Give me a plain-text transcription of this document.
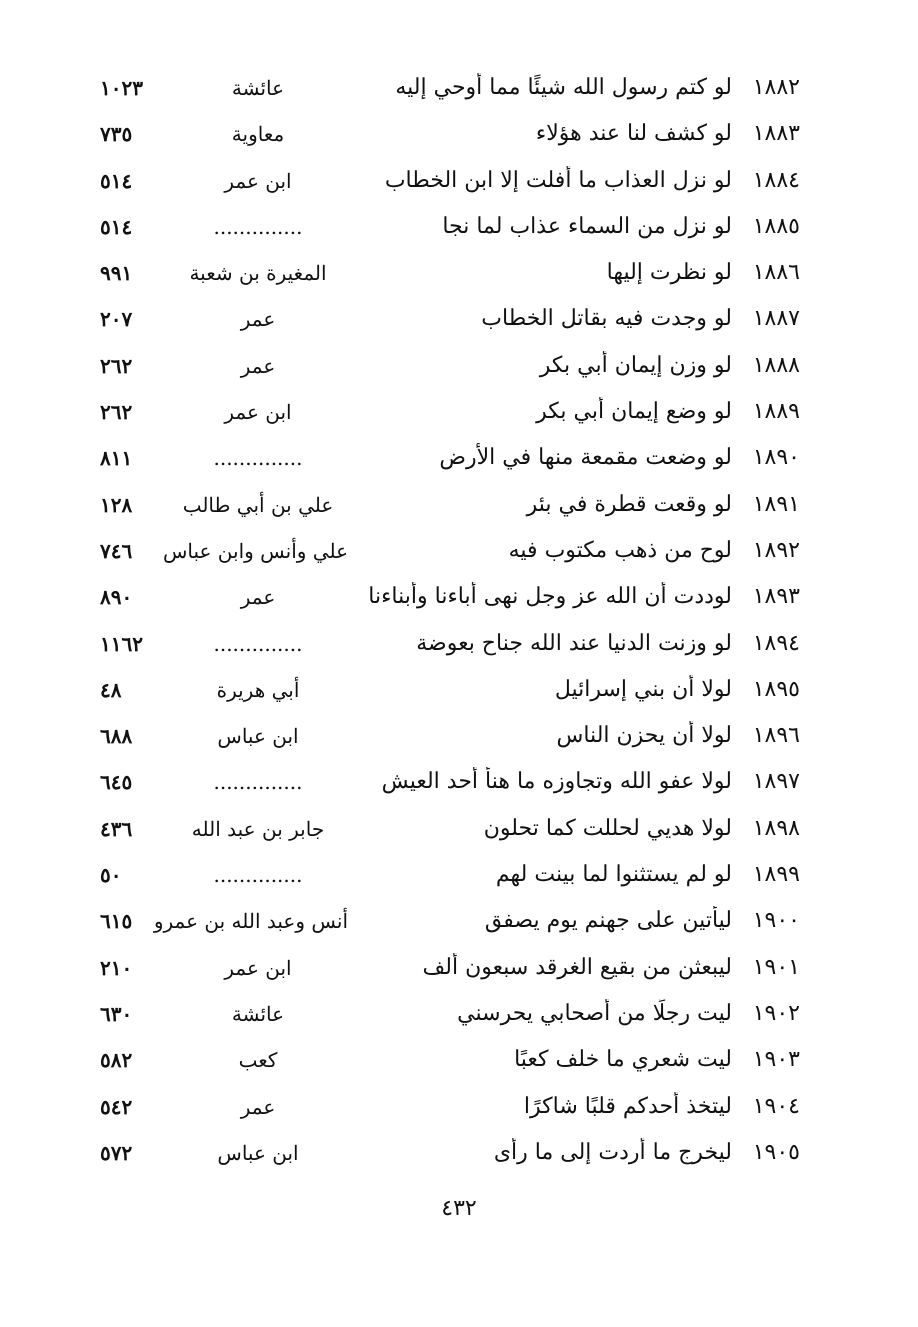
١٨٨٢
لو كتم رسول الله شيئًا مما أوحي إليه
عائشة
١٠٢٣
١٨٨٣
لو كشف لنا عند هؤلاء
معاوية
٧٣٥
١٨٨٤
لو نزل العذاب ما أفلت إلا ابن الخطاب
ابن عمر
٥١٤
١٨٨٥
لو نزل من السماء عذاب لما نجا
..............
٥١٤
١٨٨٦
لو نظرت إليها
المغيرة بن شعبة
٩٩١
١٨٨٧
لو وجدت فيه بقاتل الخطاب
عمر
٢٠٧
١٨٨٨
لو وزن إيمان أبي بكر
عمر
٢٦٢
١٨٨٩
لو وضع إيمان أبي بكر
ابن عمر
٢٦٢
١٨٩٠
لو وضعت مقمعة منها في الأرض
..............
٨١١
١٨٩١
لو وقعت قطرة في بئر
علي بن أبي طالب
١٢٨
١٨٩٢
لوح من ذهب مكتوب فيه
علي وأنس وابن عباس
٧٤٦
١٨٩٣
لوددت أن الله عز وجل نهى أباءنا وأبناءنا
عمر
٨٩٠
١٨٩٤
لو وزنت الدنيا عند الله جناح بعوضة
..............
١١٦٢
١٨٩٥
لولا أن بني إسرائيل
أبي هريرة
٤٨
١٨٩٦
لولا أن يحزن الناس
ابن عباس
٦٨٨
١٨٩٧
لولا عفو الله وتجاوزه ما هنأ أحد العيش
..............
٦٤٥
١٨٩٨
لولا هديي لحللت كما تحلون
جابر بن عبد الله
٤٣٦
١٨٩٩
لو لم يستثنوا لما بينت لهم
..............
٥٠
١٩٠٠
ليأتين على جهنم يوم يصفق
أنس وعبد الله بن عمرو
٦١٥
١٩٠١
ليبعثن من بقيع الغرقد سبعون ألف
ابن عمر
٢١٠
١٩٠٢
ليت رجلًا من أصحابي يحرسني
عائشة
٦٣٠
١٩٠٣
ليت شعري ما خلف كعبًا
كعب
٥٨٢
١٩٠٤
ليتخذ أحدكم قلبًا شاكرًا
عمر
٥٤٢
١٩٠٥
ليخرج ما أردت إلى ما رأى
ابن عباس
٥٧٢
٤٣٢
